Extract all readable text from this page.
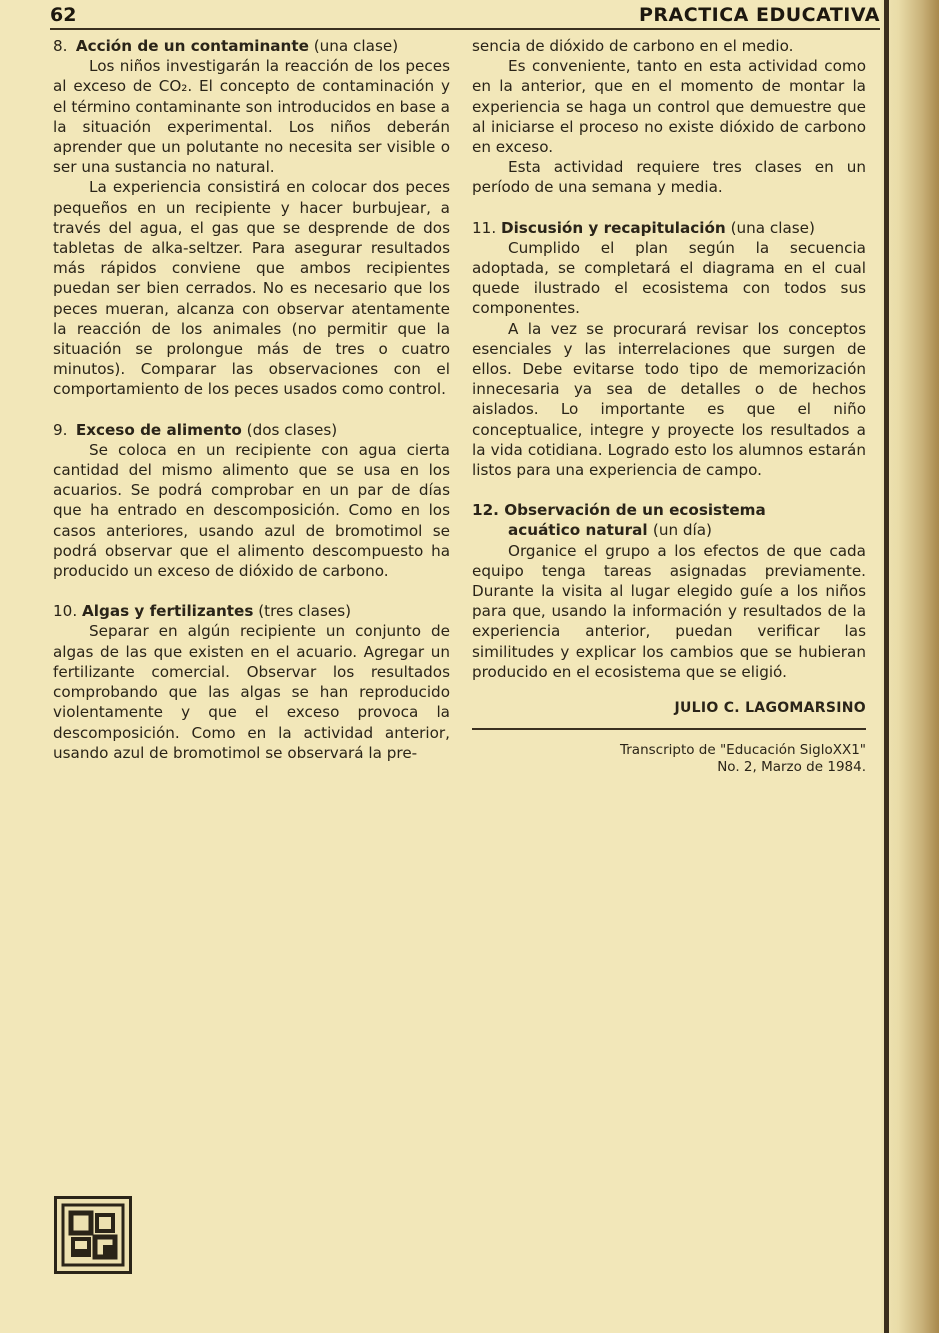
62	PRACTICA EDUCATIVA

8. Acción de un contaminante (una clase)

Los niños investigarán la reacción de los peces al exceso de CO₂. El concepto de contaminación y el término contaminante son introducidos en base a la situación experimental. Los niños deberán aprender que un polutante no necesita ser visible o ser una sustancia no natural.

La experiencia consistirá en colocar dos peces pequeños en un recipiente y hacer burbujear, a través del agua, el gas que se desprende de dos tabletas de alka-seltzer. Para asegurar resultados más rápidos conviene que ambos recipientes puedan ser bien cerrados. No es necesario que los peces mueran, alcanza con observar atentamente la reacción de los animales (no permitir que la situación se prolongue más de tres o cuatro minutos). Comparar las observaciones con el comportamiento de los peces usados como control.

9. Exceso de alimento (dos clases)

Se coloca en un recipiente con agua cierta cantidad del mismo alimento que se usa en los acuarios. Se podrá comprobar en un par de días que ha entrado en descomposición. Como en los casos anteriores, usando azul de bromotimol se podrá observar que el alimento descompuesto ha producido un exceso de dióxido de carbono.

10. Algas y fertilizantes (tres clases)

Separar en algún recipiente un conjunto de algas de las que existen en el acuario. Agregar un fertilizante comercial. Observar los resultados comprobando que las algas se han reproducido violentamente y que el exceso provoca la descomposición. Como en la actividad anterior, usando azul de bromotimol se observará la pre-

sencia de dióxido de carbono en el medio.

Es conveniente, tanto en esta actividad como en la anterior, que en el momento de montar la experiencia se haga un control que demuestre que al iniciarse el proceso no existe dióxido de carbono en exceso.

Esta actividad requiere tres clases en un período de una semana y media.

11. Discusión y recapitulación (una clase)

Cumplido el plan según la secuencia adoptada, se completará el diagrama en el cual quede ilustrado el ecosistema con todos sus componentes.

A la vez se procurará revisar los conceptos esenciales y las interrelaciones que surgen de ellos. Debe evitarse todo tipo de memorización innecesaria ya sea de detalles o de hechos aislados. Lo importante es que el niño conceptualice, integre y proyecte los resultados a la vida cotidiana. Logrado esto los alumnos estarán listos para una experiencia de campo.

12. Observación de un ecosistema
acuático natural (un día)

Organice el grupo a los efectos de que cada equipo tenga tareas asignadas previamente. Durante la visita al lugar elegido guíe a los niños para que, usando la información y resultados de la experiencia anterior, puedan verificar las similitudes y explicar los cambios que se hubieran producido en el ecosistema que se eligió.

JULIO C. LAGOMARSINO
Transcripto de "Educación SigloXX1"
No. 2, Marzo de 1984.
